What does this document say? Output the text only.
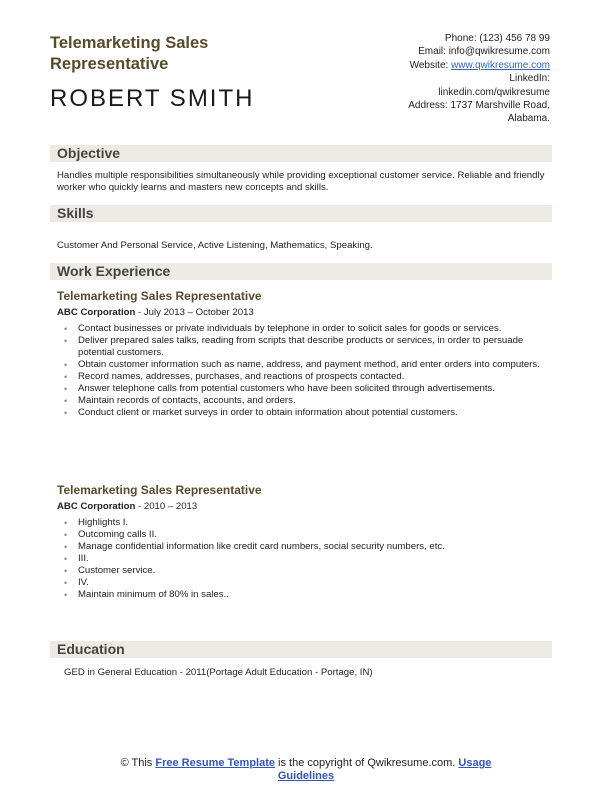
Telemarketing Sales Representative
ROBERT SMITH
Phone: (123) 456 78 99
Email: info@qwikresume.com
Website: www.qwikresume.com
LinkedIn:
linkedin.com/qwikresume
Address: 1737 Marshville Road,
Alabama.
Objective
Handles multiple responsibilities simultaneously while providing exceptional customer service. Reliable and friendly worker who quickly learns and masters new concepts and skills.
Skills
Customer And Personal Service, Active Listening, Mathematics, Speaking.
Work Experience
Telemarketing Sales Representative
ABC Corporation - July 2013 – October 2013
• Contact businesses or private individuals by telephone in order to solicit sales for goods or services.
• Deliver prepared sales talks, reading from scripts that describe products or services, in order to persuade potential customers.
• Obtain customer information such as name, address, and payment method, and enter orders into computers.
• Record names, addresses, purchases, and reactions of prospects contacted.
• Answer telephone calls from potential customers who have been solicited through advertisements.
• Maintain records of contacts, accounts, and orders.
• Conduct client or market surveys in order to obtain information about potential customers.
Telemarketing Sales Representative
ABC Corporation - 2010 – 2013
• Highlights I.
• Outcoming calls II.
• Manage confidential information like credit card numbers, social security numbers, etc.
• III.
• Customer service.
• IV.
• Maintain minimum of 80% in sales..
Education
GED in General Education - 2011(Portage Adult Education - Portage, IN)
© This Free Resume Template is the copyright of Qwikresume.com. Usage
Guidelines
